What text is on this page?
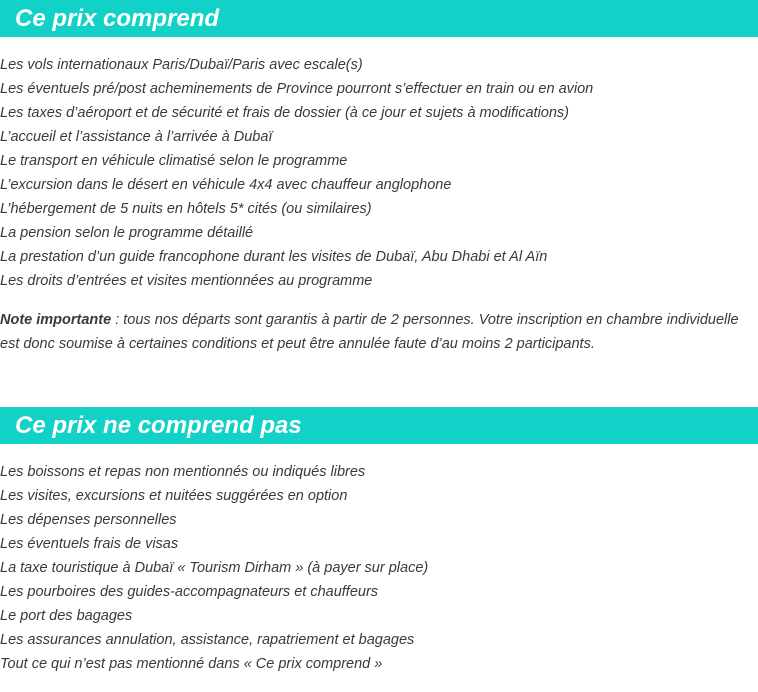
Ce prix comprend
Les vols internationaux Paris/Dubaï/Paris avec escale(s)
Les éventuels pré/post acheminements de Province pourront s’effectuer en train ou en avion
Les taxes d’aéroport et de sécurité et frais de dossier (à ce jour et sujets à modifications)
L’accueil et l’assistance à l’arrivée à Dubaï
Le transport en véhicule climatisé selon le programme
L’excursion dans le désert en véhicule 4x4 avec chauffeur anglophone
L’hébergement de 5 nuits en hôtels 5* cités (ou similaires)
La pension selon le programme détaillé
La prestation d’un guide francophone durant les visites de Dubaï, Abu Dhabi et Al Aïn
Les droits d’entrées et visites mentionnées au programme

Note importante : tous nos départs sont garantis à partir de 2 personnes. Votre inscription en chambre individuelle est donc soumise à certaines conditions et peut être annulée faute d’au moins 2 participants.

Ce prix ne comprend pas
Les boissons et repas non mentionnés ou indiqués libres
Les visites, excursions et nuitées suggérées en option
Les dépenses personnelles
Les éventuels frais de visas
La taxe touristique à Dubaï « Tourism Dirham » (à payer sur place)
Les pourboires des guides-accompagnateurs et chauffeurs
Le port des bagages
Les assurances annulation, assistance, rapatriement et bagages
Tout ce qui n’est pas mentionné dans « Ce prix comprend »
